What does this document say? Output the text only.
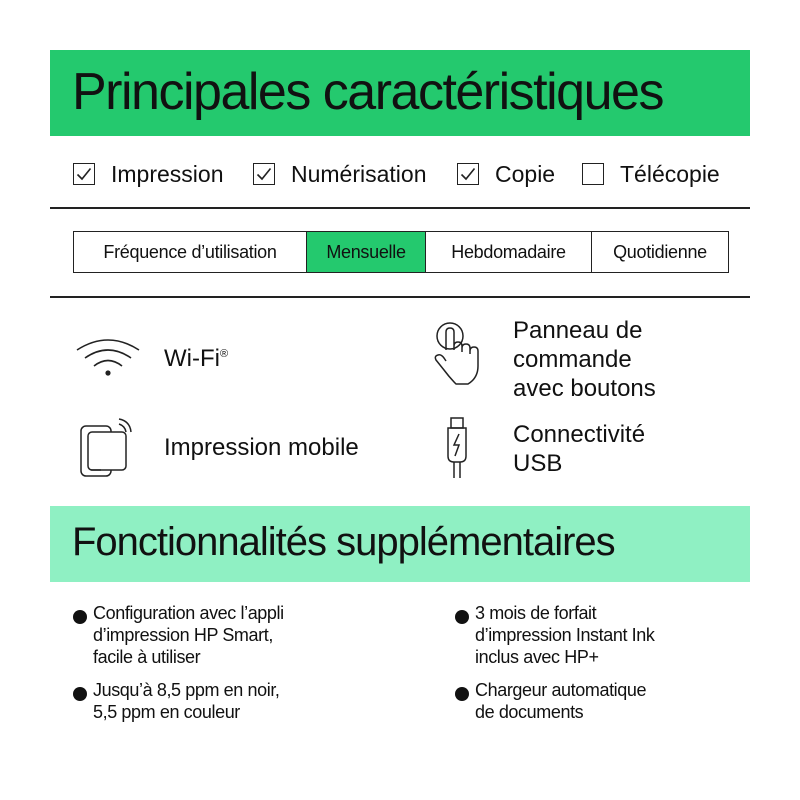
Principales caractéristiques
Impression	Numérisation	Copie	Télécopie
Fréquence d’utilisation	Mensuelle	Hebdomadaire	Quotidienne
Wi-Fi®
Panneau de
commande
avec boutons
Impression mobile	Connectivité
USB
Fonctionnalités supplémentaires
Configuration avec l’appli
d’impression HP Smart,
facile à utiliser
3 mois de forfait
d’impression Instant Ink
inclus avec HP+
Jusqu’à 8,5 ppm en noir,
5,5 ppm en couleur
Chargeur automatique
de documents
